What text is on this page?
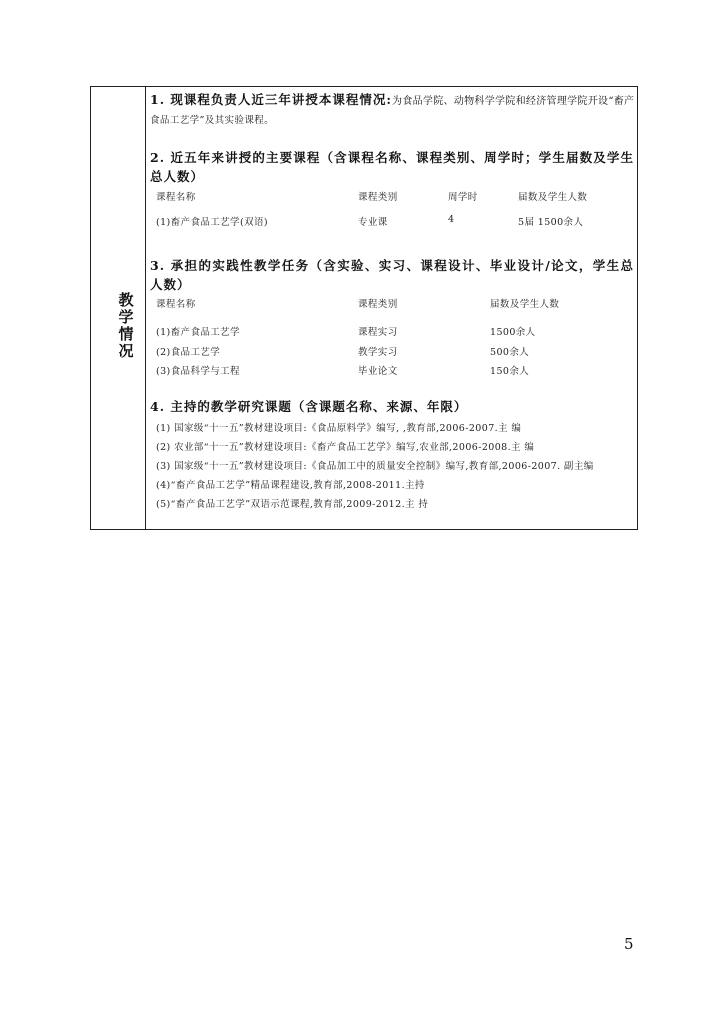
教
学
情
况
1. 现课程负责人近三年讲授本课程情况:为食品学院、动物科学学院和经济管理学院开设“畜产
食品工艺学”及其实验课程。
2. 近五年来讲授的主要课程（含课程名称、课程类别、周学时；学生届数及学生总人数）
课程名称	课程类别	周学时	届数及学生人数
(1)畜产食品工艺学(双语)	专业课	4	5届 1500余人
3. 承担的实践性教学任务（含实验、实习、课程设计、毕业设计/论文，学生总人数）
课程名称	课程类别	届数及学生人数
(1)畜产食品工艺学	课程实习	1500余人
(2)食品工艺学	教学实习	500余人
(3)食品科学与工程	毕业论文	150余人
4. 主持的教学研究课题（含课题名称、来源、年限）
(1) 国家级“十一五”教材建设项目:《食品原料学》编写, ,教育部,2006-2007.主 编
(2) 农业部“十一五”教材建设项目:《畜产食品工艺学》编写,农业部,2006-2008.主 编
(3) 国家级“十一五”教材建设项目:《食品加工中的质量安全控制》编写,教育部,2006-2007. 副主编
(4)“畜产食品工艺学”精品课程建设,教育部,2008-2011.主持
(5)“畜产食品工艺学”双语示范课程,教育部,2009-2012.主 持
5
